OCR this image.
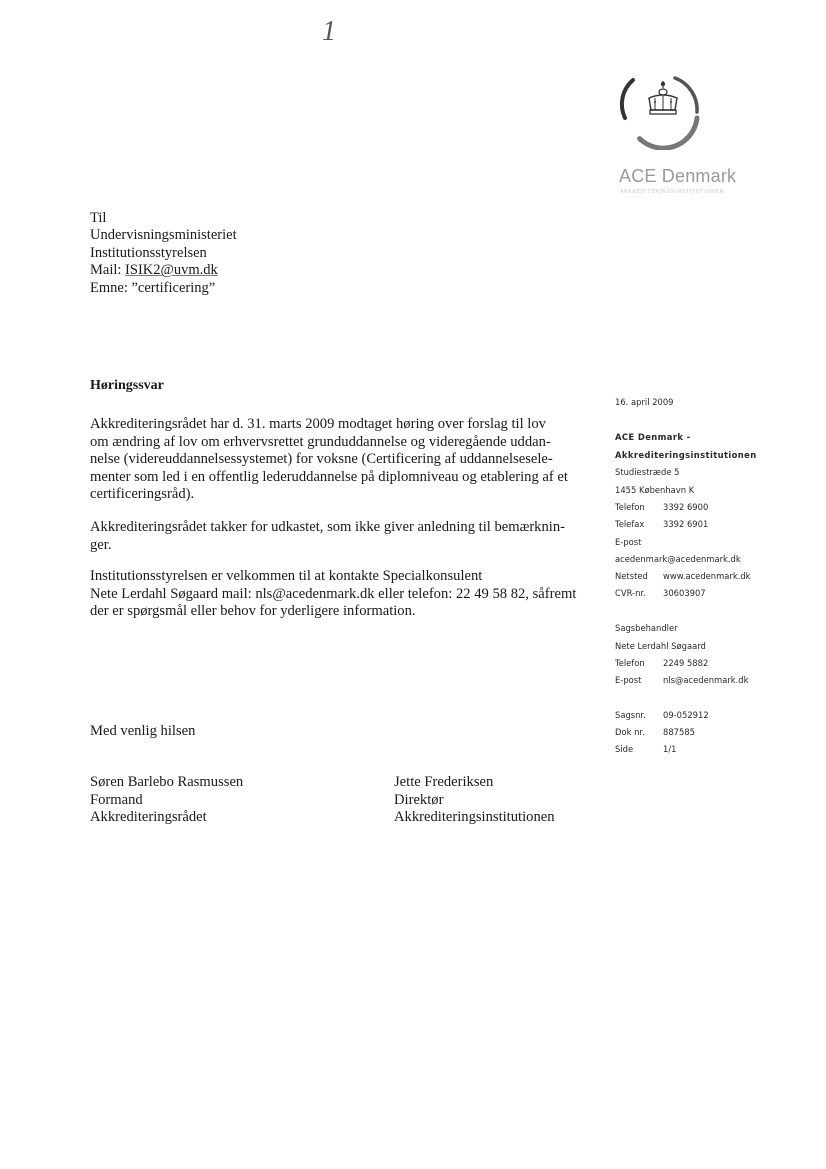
1
ACE Denmark
AKKREDITERINGSINSTITUTIONEN
Til
Undervisningsministeriet
Institutionsstyrelsen
Mail: ISIK2@uvm.dk
Emne: ”certificering”
Høringssvar
Akkrediteringsrådet har d. 31. marts 2009 modtaget høring over forslag til lov
om ændring af lov om erhvervsrettet grunduddannelse og videregående uddan-
nelse (videreuddannelsessystemet) for voksne (Certificering af uddannelsesele-
menter som led i en offentlig lederuddannelse på diplomniveau og etablering af et
certificeringsråd).
Akkrediteringsrådet takker for udkastet, som ikke giver anledning til bemærknin-
ger.
Institutionsstyrelsen er velkommen til at kontakte Specialkonsulent
Nete Lerdahl Søgaard mail: nls@acedenmark.dk eller telefon: 22 49 58 82, såfremt
der er spørgsmål eller behov for yderligere information.
Med venlig hilsen
Søren Barlebo Rasmussen
Formand
Akkrediteringsrådet
Jette Frederiksen
Direktør
Akkrediteringsinstitutionen
16. april 2009
ACE Denmark -
Akkrediteringsinstitutionen
Studiestræde 5
1455 København K
Telefon 3392 6900
Telefax 3392 6901
E-post
acedenmark@acedenmark.dk
Netsted www.acedenmark.dk
CVR-nr. 30603907
Sagsbehandler
Nete Lerdahl Søgaard
Telefon 2249 5882
E-post	nls@acedenmark.dk
Sagsnr. 09-052912
Dok nr. 887585
Side	1/1
